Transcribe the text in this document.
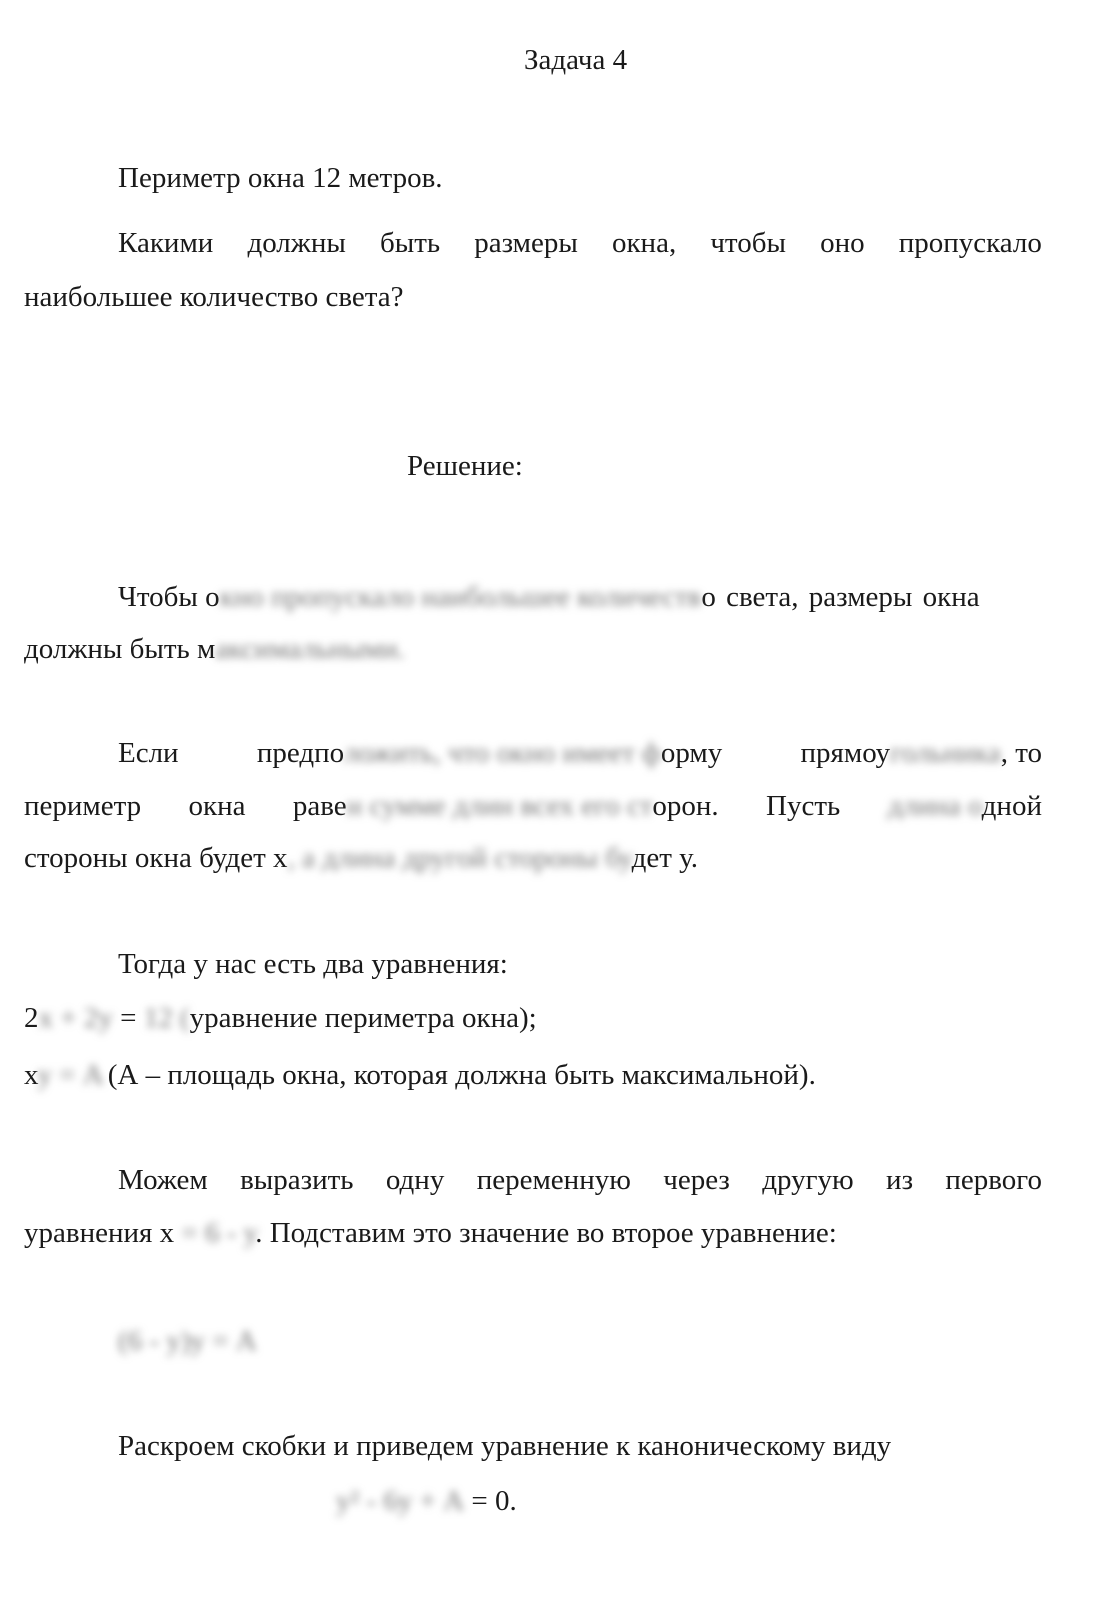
Задача 4
Периметр окна 12 метров.
Какими должны быть размеры окна, чтобы оно пропускало
наибольшее количество света?
Решение:
Чтобы окно пропускало наибольшее количество света, размеры окна
должны быть максимальными.
Если	предположить, что окно имеет форму	прямоугольника, то
периметр окна равен сумме длин всех его сторон. Пусть длина одной
стороны окна будет х, а длина другой стороны будет у.
Тогда у нас есть два уравнения:
2х + 2у = 12 (уравнение периметра окна);
ху = А (А – площадь окна, которая должна быть максимальной).
Можем выразить одну переменную через другую из первого
уравнения х = 6 - у. Подставим это значение во второе уравнение:
(6 - у)у = А
Раскроем скобки и приведем уравнение к каноническому виду
у² - 6у + А = 0.
